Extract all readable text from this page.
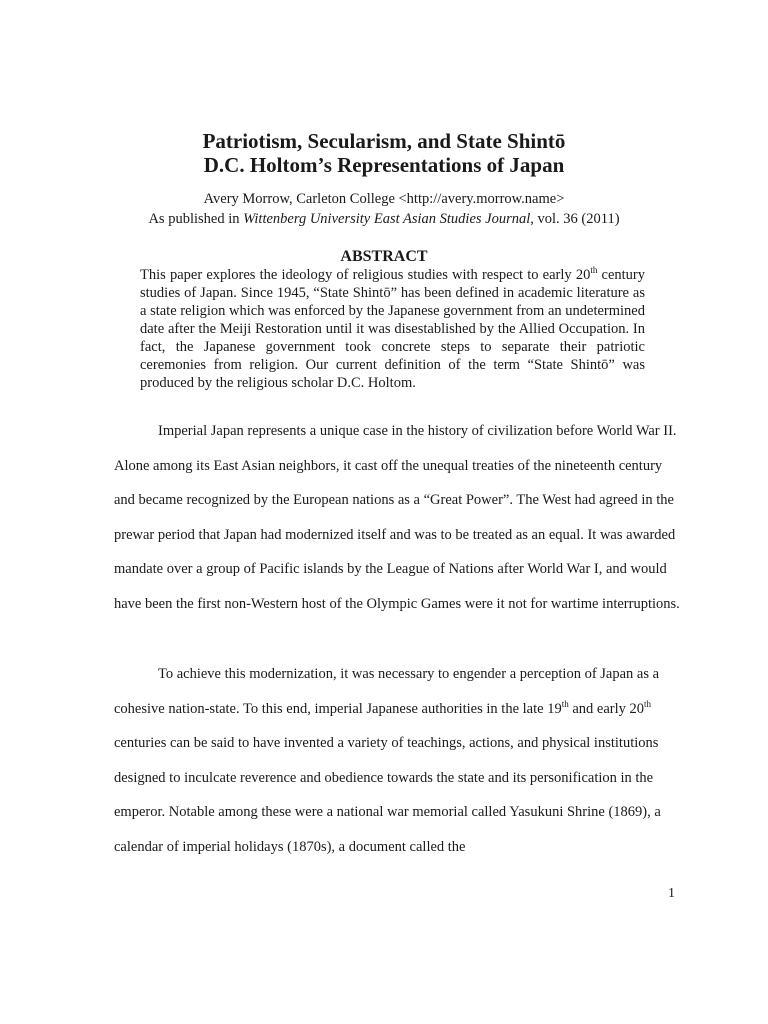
Patriotism, Secularism, and State Shintō
D.C. Holtom’s Representations of Japan

Avery Morrow, Carleton College <http://avery.morrow.name>

As published in Wittenberg University East Asian Studies Journal, vol. 36 (2011)

ABSTRACT

This paper explores the ideology of religious studies with respect to early 20th century studies of Japan. Since 1945, “State Shintō” has been defined in academic literature as a state religion which was enforced by the Japanese government from an undetermined date after the Meiji Restoration until it was disestablished by the Allied Occupation. In fact, the Japanese government took concrete steps to separate their patriotic ceremonies from religion. Our current definition of the term “State Shintō” was produced by the religious scholar D.C. Holtom.

Imperial Japan represents a unique case in the history of civilization before World War II. Alone among its East Asian neighbors, it cast off the unequal treaties of the nineteenth century and became recognized by the European nations as a “Great Power”. The West had agreed in the prewar period that Japan had modernized itself and was to be treated as an equal. It was awarded mandate over a group of Pacific islands by the League of Nations after World War I, and would have been the first non-Western host of the Olympic Games were it not for wartime interruptions.

To achieve this modernization, it was necessary to engender a perception of Japan as a cohesive nation-state. To this end, imperial Japanese authorities in the late 19th and early 20th centuries can be said to have invented a variety of teachings, actions, and physical institutions designed to inculcate reverence and obedience towards the state and its personification in the emperor. Notable among these were a national war memorial called Yasukuni Shrine (1869), a calendar of imperial holidays (1870s), a document called the

1
